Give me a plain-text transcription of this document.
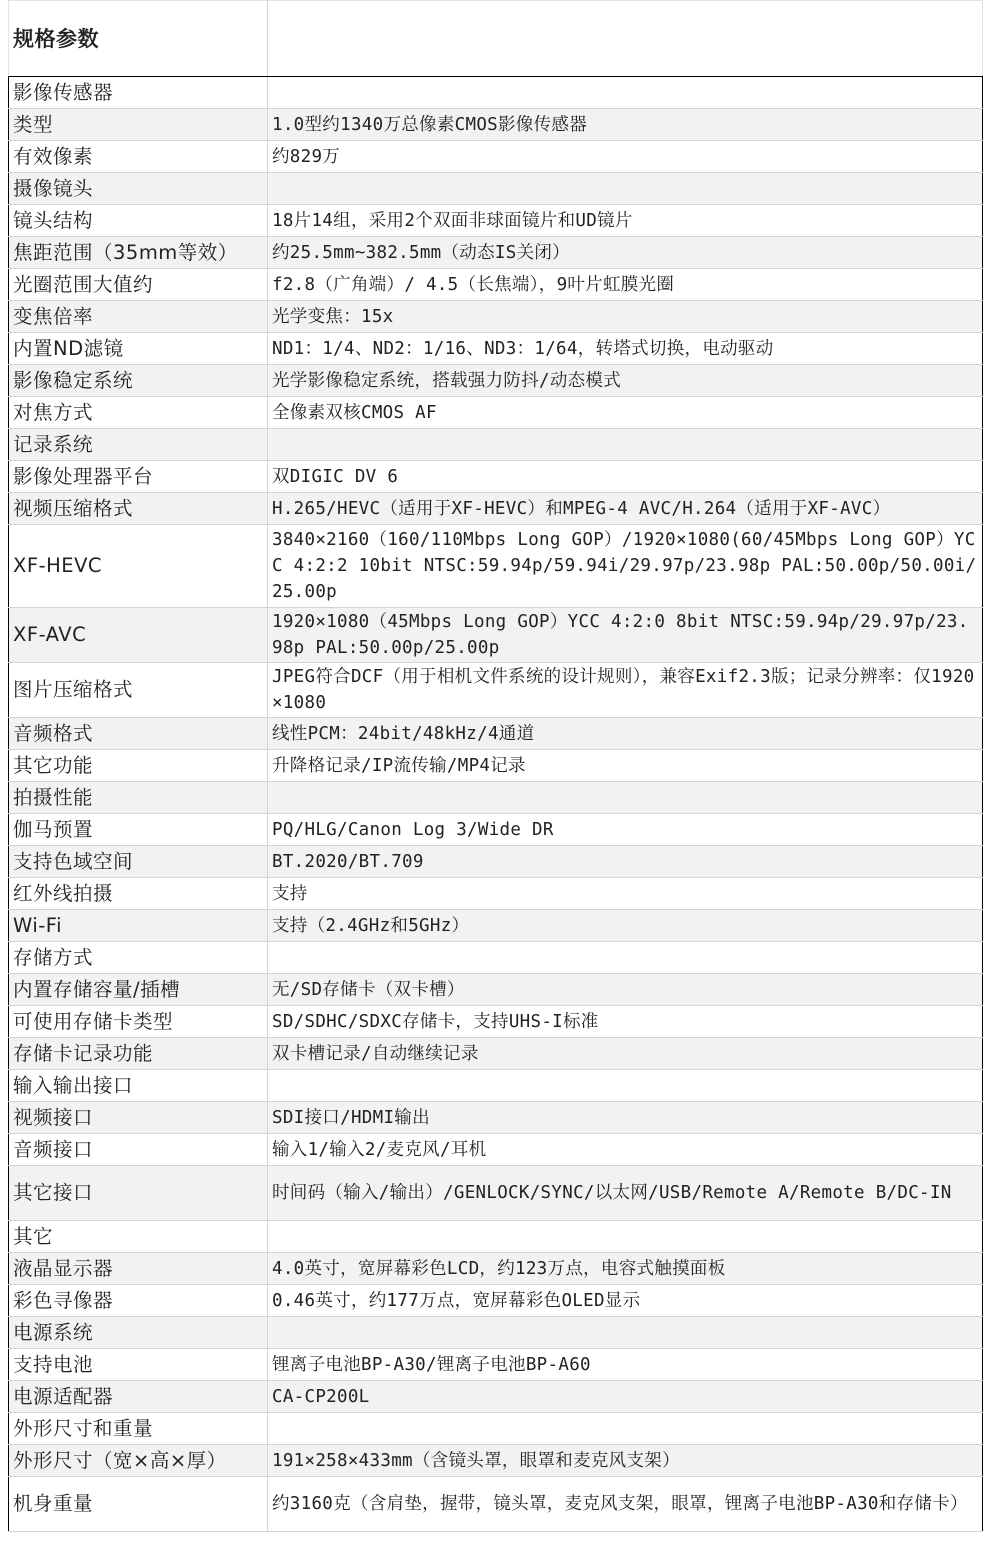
规格参数	
影像传感器	
类型	1.0型约1340万总像素CMOS影像传感器
有效像素	约829万
摄像镜头	
镜头结构	18片14组，采用2个双面非球面镜片和UD镜片
焦距范围（35mm等效）	约25.5mm~382.5mm（动态IS关闭）
光圈范围大值约	f2.8（广角端）/ 4.5（长焦端），9叶片虹膜光圈
变焦倍率	光学变焦：15x
内置ND滤镜	ND1：1/4、ND2：1/16、ND3：1/64，转塔式切换，电动驱动
影像稳定系统	光学影像稳定系统，搭载强力防抖/动态模式
对焦方式	全像素双核CMOS AF
记录系统	
影像处理器平台	双DIGIC DV 6
视频压缩格式	H.265/HEVC（适用于XF-HEVC）和MPEG-4 AVC/H.264（适用于XF-AVC）
XF-HEVC	3840×2160（160/110Mbps Long GOP）/1920×1080(60/45Mbps Long GOP）YCC 4:2:2 10bit NTSC:59.94p/59.94i/29.97p/23.98p PAL:50.00p/50.00i/25.00p
XF-AVC	1920×1080（45Mbps Long GOP）YCC 4:2:0 8bit NTSC:59.94p/29.97p/23.98p PAL:50.00p/25.00p
图片压缩格式	JPEG符合DCF（用于相机文件系统的设计规则），兼容Exif2.3版；记录分辨率：仅1920×1080
音频格式	线性PCM：24bit/48kHz/4通道
其它功能	升降格记录/IP流传输/MP4记录
拍摄性能	
伽马预置	PQ/HLG/Canon Log 3/Wide DR
支持色域空间	BT.2020/BT.709
红外线拍摄	支持
Wi-Fi	支持（2.4GHz和5GHz）
存储方式	
内置存储容量/插槽	无/SD存储卡（双卡槽）
可使用存储卡类型	SD/SDHC/SDXC存储卡，支持UHS-I标准
存储卡记录功能	双卡槽记录/自动继续记录
输入输出接口	
视频接口	SDI接口/HDMI输出
音频接口	输入1/输入2/麦克风/耳机
其它接口	时间码（输入/输出）/GENLOCK/SYNC/以太网/USB/Remote A/Remote B/DC-IN
其它	
液晶显示器	4.0英寸，宽屏幕彩色LCD，约123万点，电容式触摸面板
彩色寻像器	0.46英寸，约177万点，宽屏幕彩色OLED显示
电源系统	
支持电池	锂离子电池BP-A30/锂离子电池BP-A60
电源适配器	CA-CP200L
外形尺寸和重量	
外形尺寸（宽×高×厚）	191×258×433mm（含镜头罩，眼罩和麦克风支架）
机身重量	约3160克（含肩垫，握带，镜头罩，麦克风支架，眼罩，锂离子电池BP-A30和存储卡）
